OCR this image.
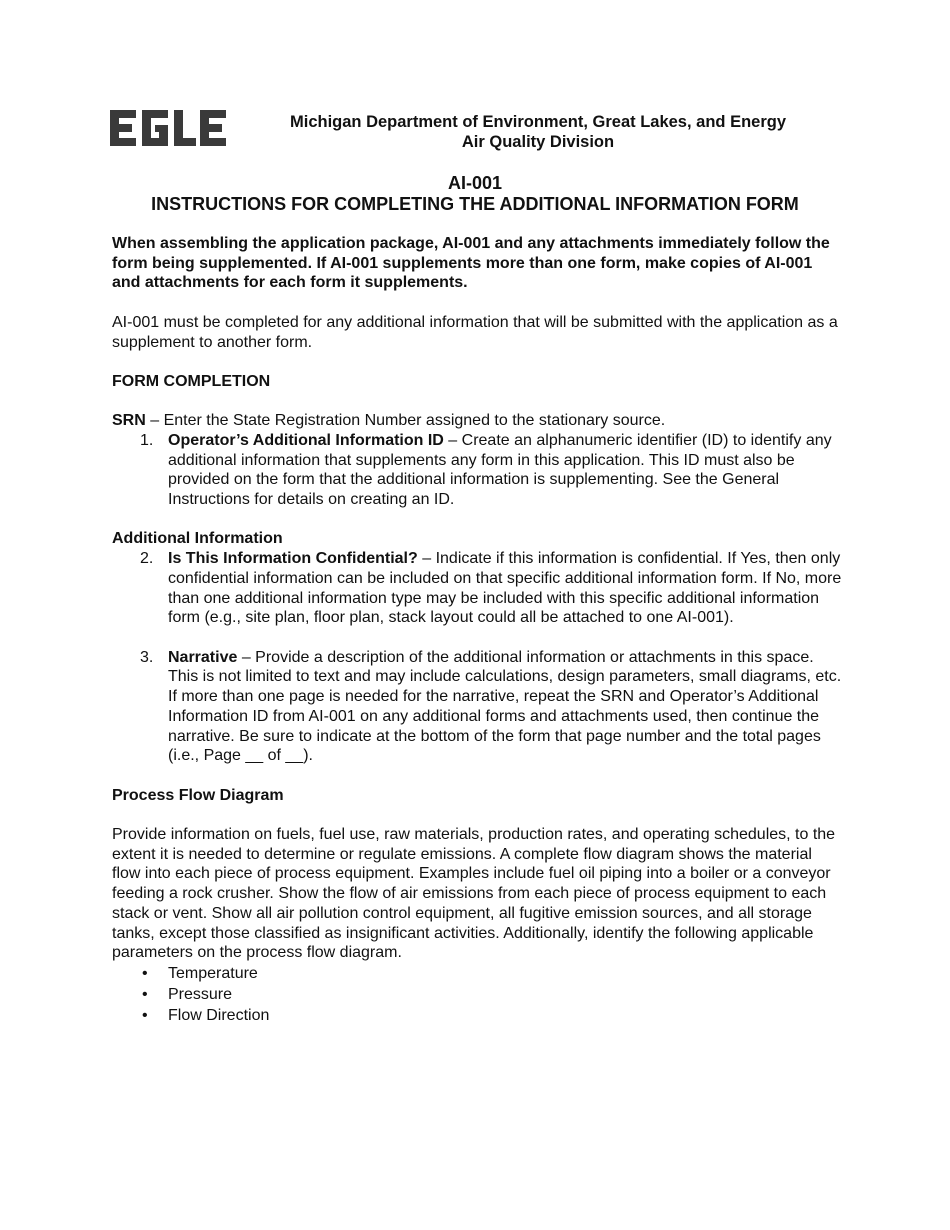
EGLE
Michigan Department of Environment, Great Lakes, and Energy
Air Quality Division
AI-001
INSTRUCTIONS FOR COMPLETING THE ADDITIONAL INFORMATION FORM

When assembling the application package, AI-001 and any attachments immediately follow the form being supplemented. If AI-001 supplements more than one form, make copies of AI-001 and attachments for each form it supplements.

AI-001 must be completed for any additional information that will be submitted with the application as a supplement to another form.

FORM COMPLETION

SRN – Enter the State Registration Number assigned to the stationary source.

1. Operator’s Additional Information ID – Create an alphanumeric identifier (ID) to identify any additional information that supplements any form in this application. This ID must also be provided on the form that the additional information is supplementing. See the General Instructions for details on creating an ID.

Additional Information

2. Is This Information Confidential? – Indicate if this information is confidential. If Yes, then only confidential information can be included on that specific additional information form. If No, more than one additional information type may be included with this specific additional information form (e.g., site plan, floor plan, stack layout could all be attached to one AI-001).
3. Narrative – Provide a description of the additional information or attachments in this space. This is not limited to text and may include calculations, design parameters, small diagrams, etc. If more than one page is needed for the narrative, repeat the SRN and Operator’s Additional Information ID from AI-001 on any additional forms and attachments used, then continue the narrative. Be sure to indicate at the bottom of the form that page number and the total pages (i.e., Page __ of __).

Process Flow Diagram

Provide information on fuels, fuel use, raw materials, production rates, and operating schedules, to the extent it is needed to determine or regulate emissions. A complete flow diagram shows the material flow into each piece of process equipment. Examples include fuel oil piping into a boiler or a conveyor feeding a rock crusher. Show the flow of air emissions from each piece of process equipment to each stack or vent. Show all air pollution control equipment, all fugitive emission sources, and all storage tanks, except those classified as insignificant activities. Additionally, identify the following applicable parameters on the process flow diagram.

• Temperature
• Pressure
• Flow Direction
